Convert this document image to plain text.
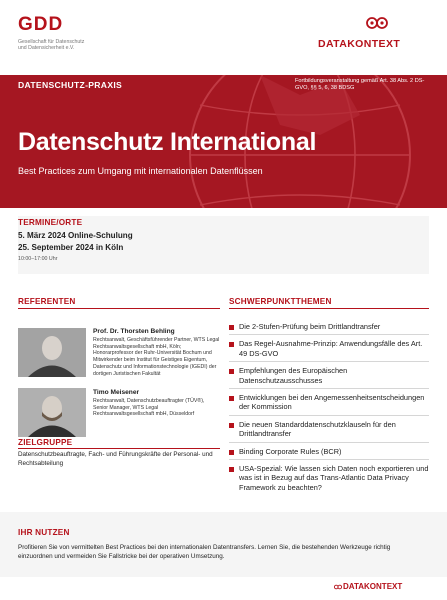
GDD
Gesellschaft für Datenschutz
und Datensicherheit e.V.	DATAKONTEXT
DATENSCHUTZ-PRAXIS	Fortbildungsveranstaltung gemäß Art. 38 Abs. 2 DS-GVO, §§ 5, 6, 38 BDSG
Datenschutz International
Best Practices zum Umgang mit internationalen Datenflüssen
TERMINE/ORTE
5. März 2024 Online-Schulung
25. September 2024 in Köln
10:00–17:00 Uhr
REFERENTEN	SCHWERPUNKTTHEMEN
Prof. Dr. Thorsten Behling
Rechtsanwalt, Geschäftsführender Partner, WTS Legal Rechtsanwaltsgesellschaft mbH, Köln; Honorarprofessor der Ruhr-Universität Bochum und Mitwirkender beim Institut für Geistiges Eigentum, Datenschutz und Informationstechnologie (IGEDI) der dortigen Juristischen Fakultät
Timo Meisener
Rechtsanwalt, Datenschutzbeauftragter (TÜV®), Senior Manager, WTS Legal Rechtsanwaltsgesellschaft mbH, Düsseldorf
ZIELGRUPPE
Datenschutzbeauftragte, Fach- und Führungskräfte der Personal- und Rechtsabteilung
Die 2-Stufen-Prüfung beim Drittlandtransfer
Das Regel-Ausnahme-Prinzip: Anwendungsfälle des Art. 49 DS-GVO
Empfehlungen des Europäischen Datenschutzausschusses
Entwicklungen bei den Angemessenheitsentscheidungen der Kommission
Die neuen Standarddatenschutzklauseln für den Drittlandtransfer
Binding Corporate Rules (BCR)
USA-Spezial: Wie lassen sich Daten noch exportieren und was ist in Bezug auf das Trans-Atlantic Data Privacy Framework zu beachten?
IHR NUTZEN
Profitieren Sie von vermittelten Best Practices bei den internationalen Datentransfers. Lernen Sie, die bestehenden Werkzeuge richtig einzuordnen und vermeiden Sie Fallstricke bei der operativen Umsetzung.
DATAKONTEXT
